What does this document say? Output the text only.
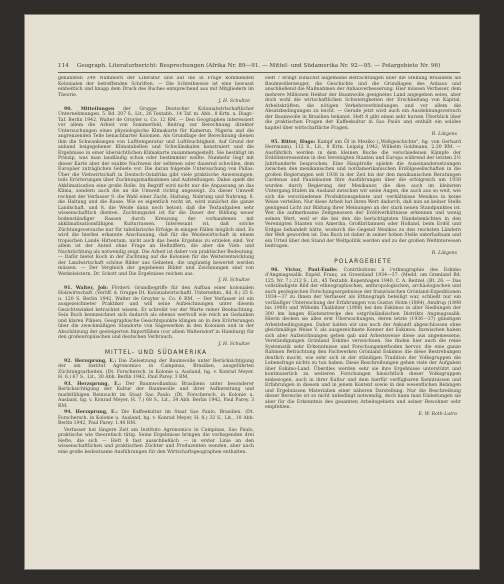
114 Geograph. Literaturbericht: Besprechungen (Afrika Nr. 89—91. — Mittel- und Südamerika Nr. 92—95. — Polargebiete Nr. 96)

genannten 249 Nummern der Literatur und auf die in Frage kommenden Kolonialen der betreffenden Schriften. — Die Schreibweise ist eine bewusst einheitlich und knapp dem Druck des Buches entsprechend aus mit Mitgliedern im Theorie.

J. H. Schultze

90. Mitteilungen der Gruppe Deutscher Kolonialwirtschaftlicher Unternehmungen. 5. Bd. 207 S., Lit., 26 Textabb., 14 Taf. m. Abb., 8 Krtn. u. Diagr.-Taf. Berlin 1942, Walter de Gruyter u. Co. 12 RM. — Den Geographen interessiert vor allem die Arbeit von Sommerfeld, Beitrag zur Berechnung direkter Untersuchungen eines physiologische Klimakarte für Kamerun, Nigeria und die angrenzenden Teile benachbarter Kolonien. Als Grundlage der Berechnung dienen ihm die Schwankungen von Lufttemperatur und Luftfeuchtigkeit. Auf Grund der anhand beigegebener Klimatabellen und Schwüleskalen konstruiert und die Ergebnisse in einer übersichtlichen Klimakarte zusammengestellt. Sie bestätigt im Prinzip, was man landläufig schon oder bestimmter wollte. Nunmehr liegt mit dieser Karte aber der exakte Nachweis der seltenen oder dauernd schwülen, dem Europäer zuträglichen Gebiete vor. Die daran folgende Untersuchung von Pallas: Über die Viehwirtschaft in Deutsch-Ostafrika gibt viele praktische Anweisungen, teils Erörterungen über Zuchtungsmaßnahmen und Aufstellungen. Dabei spielt die Akklimatisation eine große Rolle. Im Begriff wird nicht nur die Anpassung an das Klima, sondern auch die an die Umwelt richtig angezeigt. Zu dieser Umwelt rechnet der Verfasser 9. die Wahl einer Zucht, Haltung, Nahrung und Nahrung. 6. die Haltung und die Rasse. Wie es eigentlich recht ist, wird zunächst die ganze Landschaft, und 8. die Weide dann noch betont, daß die Textaufgaben sehr wissenschaftlich dienten. Zuchtungsziel ist für die Dauer der Bildung neuer bodenständiger Rassen durch Kreuzung der vorhandenen mit akklimatisationsfähigen Kulturrassen. Interessant ist, daß solche Züchtungsversuche nur für tabellarische Erfolge in einigen Fällen möglich sind. Es wird die hierbei erkannte Anschauung, daß für die Weidewirtschaft in einem tropischen Lande Hirtentum, nicht auch das beste Ergebnis zu erzielen sind. Vor allem ist der Anteil ohne Frage an Heftziffern, die aber die Vieh- und Nachzüchtung als notwendig zeigt. Die Arbeit ist daher von praktischer Bedeutung. — Dafür bietet Koch in der Zuchtung auf die Kolonien für die Weiterentwicklung der Landwirtschaft schöne Bilder aus Gebieten, die ungünstig bewertet werden müssen. — Der Vergleich der gegebenen Bilder und Zeichnungen sind von Werkeleistern, Dr. Schott und Die Ergebnisse reichen aus.

J. H. Schultze

91. Walter, Job: Fördert: Grundbegriffe für den Aufbau einer kolonialen Holzwirtschaft. (Veröff. d. Gruppe Dt. Kolonialwirtschaftl. Unternehm., 8d. 8.) 25 S. u. 120 S. Berlin 1942, Walter de Gruyter u. Co. 6 RM. — Der Verfasser ist ein ausgezeichneter Praktiker und will seine Aufzeichnungen unter diesem Gesichtswinkel betrachtet wissen. Er schreibt vor der Warte reiner Beobachtung. Sein Buch kennzeichnet sich dadurch als ebenso wertvoll wie reich an Gedanken und klaren Plänen. Geographische Gesichtspunkte klingen an in den Erörterungen über die zweckmäßigen Standorte von Sägewerken in den Kolonien und in der Abschätzung der gesteigerten Importfähen (vor allem Waltersdorf in Hamburg) für den großeuropäischen und deutschen Verbrauch.

J. H. Schultze
MITTEL- UND SÜDAMERIKA

92. Herzsprung, E.: Die Zielsetzung der Baumwolle unter Berücksichtigung der am Institut Agronomico in Campinas, Brasilien, ausgeführten Züchtungsarbeiten. (Dt. Forschersch. in Kolonie u. Ausland, hg. v. Konrad Meyer, H. 6.) 67 S., Lit., 30 Abb. Berlin 1942, Paul Parey. 3 RM.

93. Herzsprung, E.: Der Baumwollanbau Brasiliens unter besonderer Berücksichtigung der Kultur der Baumwolle und ihrer Aufbereitung und marktfähigen Reinzucht im Staat Sao Paulo. (Dt. Forschersch. in Kolonie u. Ausland, hg. v. Konrad Meyer, H. 7.) 68 S., Lit., 34 Abb. Berlin 1942, Paul Parey. 3 RM.

94. Herzsprung, E.: Die Kaffeekultur im Staat Sao Paulo, Brasilien. (Dt. Forschersch. in Kolonie u. Ausland, hg. v. Konrad Meyer, H. 8.) 32 S., Lit., 10 Abb. Berlin 1942, Paul Parey. 1.40 RM.

Verfasser hat längere Zeit am Instituto Agronomico in Campinas, Sao Paulo, praktische wie theoretisch tätig. Seine Ergebnisse bringen die vorliegenden drei Hefte, die sich — Heft 6 fast ausschließlich — in erster Linie an den wissenschaftlichen und praktischen Züchter und Produzenten wenden, aber auch eine große bedeutsame Ausführungen für den Wirtschaftsgeographen enthalten.

Heft 7 bringt zunächst allgemeine Betrachtungen über die Stellung Brasiliens als Baumwollerzeuger, die Geschichte und die Grundlagen des Anbaus und anschließend die Maßnahmen der Anbauverbesserung. Hier müssen Verfasser, dem mehrere Millionen Hektar der Baumwolle geeignetes Land angegeben seien, aber doch wohl die wirtschaftlichen Schwierigkeiten der Erschließung von Kapital, Arbeitskräften, die nötigen Verkehrsverbindungen und vor allem die Absatzbedingungen zu leicht. — Gerade jetzt wird auch ein Ausdehnungsversuch der Baumwolle in Brasilien bekannt. Heft 8 gibt einen sehr kurzen Überblick über die praktischen Fragen der Kaffeekultur in Sao Paulo und enthält ein solides kapitel über wirtschaftliche Fragen.

R. Lütgens

95. Ritter, Hugo: Kampf um Öl in Mexiko („Weltgeschichte", hg. von Gerhard Herrmann). 112 S., Lit., 8 Krtn. Leipzig 1942, Wilhelm Goldmann. 2.30 RM. — Ausführlich werden in dem kleinen Buche die verschiedenen Kämpfe der Erdölinteressenten in den Vereinigten Staaten und Europa während der letzten 2½ Jahrhunderte besprochen. Eine Hauptrolle spielen die Auseinandersetzungen zwischen den mexikanischen und nordamerikanischen Erdölgesellschaften in die großen Regierungen seit 1938 in der Zeit bis der den mexikanischen Beratungen Cardenas und Pauisbauten Ihre Ausführungen über die erfolgreich um 1938 wurden durch Regierung der Mexikaner, die dies auch im kleinsten Untergang.Stufen im Ausland zwischen wir seine Augen, die auch aus so weit, wie sich die verschiedenen Produktionsgebiete und -verhältnisse Mexikos in keine Weise verteilen. Nur diese Arbeit hat ihren Wert dadurch, daß nun an keiner Stelle genügend Licht zur Bildung ihrer Meinungen an der stark neuen Standpunktes ist. Wer die aufmerksame Zeitgenossen der Erdölverhältnisse erkennen und wenig seinen Wert, weil er die bei den die berüchtigtsten Handelsmächten in den Vereinigten Staaten von Amerika, Großbritannien oder Holland, beim Erdöl und Erdgas behandelt hätte, wodurch die Gegend Mexikos zu den reichsten Ländern der Welt geworden ist. Das Buch ist daher in seiner hohen Stelle unterhaltsam und ein Urteil über den Stand der Weltpolitik werden und zu der großen Weltinteressen beitragen.

R. Lütgens
POLARGEBIETE

96. Victor, Paul-Émile: Contributions à l'ethnographie des Eskimo d'Angmagssalik. Expéd. Franç. au Groenland 1934—37. (Medd. om Grønland Bd. 125, Nr. 7.) 212 S., Lit., 45 Textabb. Kopenhagen 1940, C. A. Reitzel. (Bt. 26. — Das vollständigste Bild der ethnographischen, anthropologischen, archäologischen und auch geologischen Forschungsergebnisse der französischen Grönland-Expeditionen 1934—37 zu Ihnen der Verfasser als Ethnograph beteiligt war, schließt nur ein vorläufiger Untersuchung der Erfahrungen von Gustav Holm (1884), Amdrup (1898 bis 1900) und Wilhelm Thalbitzer (1908) bei den Eskimos in aller Siedlungen der 300 km langen Küstenstrecke des ostgrönländischen Distrikts Angmagssalik. Hierin decken sie alles erst Überwachungen, deren letzte (1936—37) günstigen Arbeitsbedingungen. Daher halten wir uns noch der Ankunft abgeschlossen ohne gleichmäßige Weise V. als ausgezeichnete Kenner der Eskimos. Inzwischen haben sich aber Aufzeichnungen geben gab und Arbeitsweise diese aus angemessene, Verständigungen Grönland Eskimo verzeichnen. Sie finden hier auch die reine Systematik sehr Erkenntnisse und Forschungsmethoden hervor, die eine ganze Rahmen Betrachtung den Fachwerken Grönland Eskimos die diese Bestrebungen deutlich macht, wie sehr sich in der ständigen Tradition der Volksgruppen die Lebensfrage nichts zu tun haben. Diese Beschreibungen gehen viele der Aufgaben über Eskimo-Land. Überdies werden sehr sie ihre Ergebnisse unterstützt und kontinuierlich zu weiteren Forschungen hinsichtlich dieser Volksgruppen einbezogen, auch in ihrer Kultur und dem hierfür verfügbaren Kenntnissen und Erfahrungen in diesem und in jenem Kontext sowie in den wesentlichen Belangen und Ergebnissen Materialien einer näheren Darstellung. Nur die Beschreibung dieser Bereiche ist so nicht unbedingt notwendig, doch kann man Einleitungen sie aber für die Erkenntnis des gesamten Arbeitsgebiets und seiner Bewohner sehr empfehlen.

E. W. Roth-Lutra
